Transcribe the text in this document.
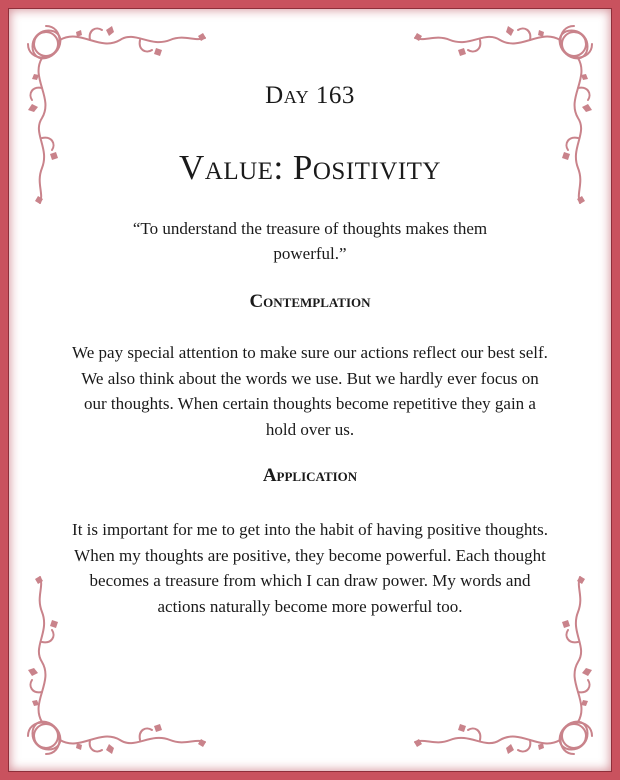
Day 163
Value: Positivity
“To understand the treasure of thoughts makes them powerful.”
Contemplation
We pay special attention to make sure our actions reflect our best self. We also think about the words we use. But we hardly ever focus on our thoughts. When certain thoughts become repetitive they gain a hold over us.
Application
It is important for me to get into the habit of having positive thoughts. When my thoughts are positive, they become powerful. Each thought becomes a treasure from which I can draw power. My words and actions naturally become more powerful too.
